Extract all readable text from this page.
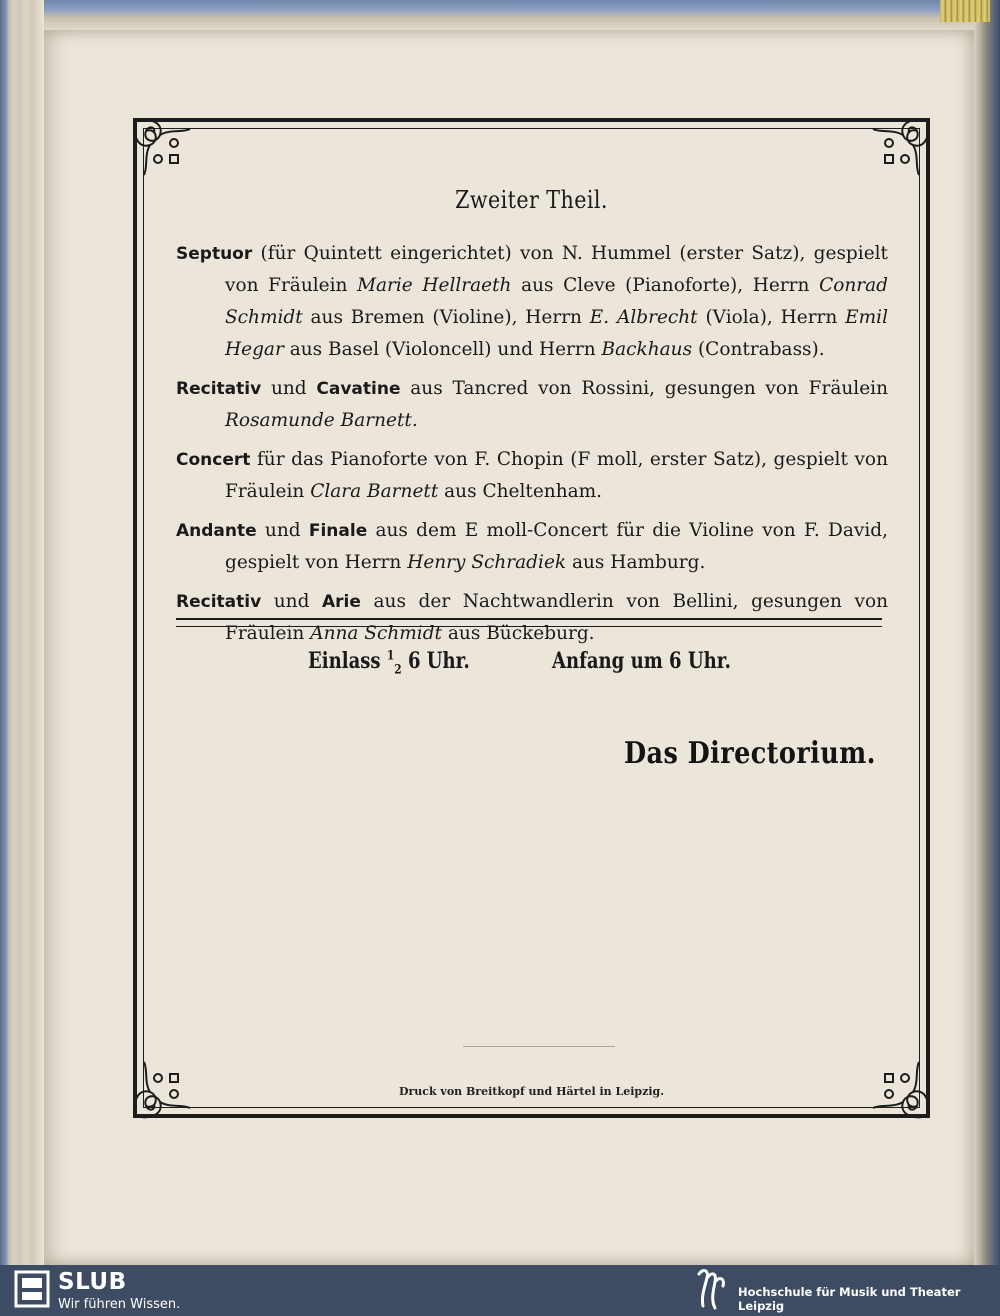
Zweiter Theil.
Septuor (für Quintett eingerichtet) von N. Hummel (erster Satz), gespielt von Fräulein Marie Hellraeth aus Cleve (Pianoforte), Herrn Conrad Schmidt aus Bremen (Violine), Herrn E. Albrecht (Viola), Herrn Emil Hegar aus Basel (Violoncell) und Herrn Backhaus (Contrabass).
Recitativ und Cavatine aus Tancred von Rossini, gesungen von Fräulein Rosamunde Barnett.
Concert für das Pianoforte von F. Chopin (F moll, erster Satz), gespielt von Fräulein Clara Barnett aus Cheltenham.
Andante und Finale aus dem E moll-Concert für die Violine von F. David, gespielt von Herrn Henry Schradiek aus Hamburg.
Recitativ und Arie aus der Nachtwandlerin von Bellini, gesungen von Fräulein Anna Schmidt aus Bückeburg.
Einlass $^1_2$ 6 Uhr.	Anfang um 6 Uhr.
Das Directorium.
Druck von Breitkopf und Härtel in Leipzig.
SLUB
Wir führen Wissen.
Hochschule für Musik und Theater Leipzig
